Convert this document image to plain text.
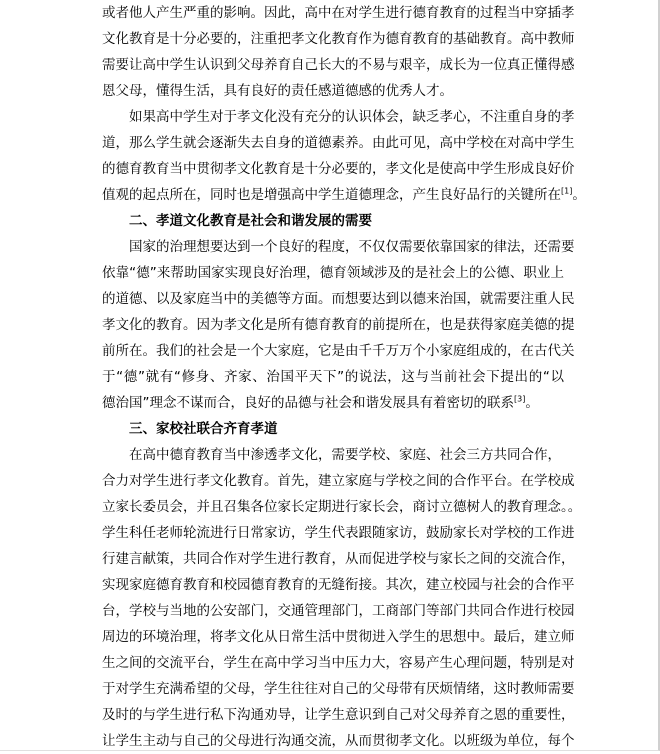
或者他人产生严重的影响。因此，高中在对学生进行德育教育的过程当中穿插孝
文化教育是十分必要的，注重把孝文化教育作为德育教育的基础教育。高中教师
需要让高中学生认识到父母养育自己长大的不易与艰辛，成长为一位真正懂得感
恩父母，懂得生活，具有良好的责任感道德感的优秀人才。
如果高中学生对于孝文化没有充分的认识体会，缺乏孝心，不注重自身的孝
道，那么学生就会逐渐失去自身的道德素养。由此可见，高中学校在对高中学生
的德育教育当中贯彻孝文化教育是十分必要的，孝文化是使高中学生形成良好价
值观的起点所在，同时也是增强高中学生道德理念，产生良好品行的关键所在[1]。
二、孝道文化教育是社会和谐发展的需要
国家的治理想要达到一个良好的程度，不仅仅需要依靠国家的律法，还需要
依靠“德”来帮助国家实现良好治理，德育领域涉及的是社会上的公德、职业上
的道德、以及家庭当中的美德等方面。而想要达到以德来治国，就需要注重人民
孝文化的教育。因为孝文化是所有德育教育的前提所在，也是获得家庭美德的提
前所在。我们的社会是一个大家庭，它是由千千万万个小家庭组成的，在古代关
于“德”就有“修身、齐家、治国平天下”的说法，这与当前社会下提出的“以
德治国”理念不谋而合，良好的品德与社会和谐发展具有着密切的联系[3]。
三、家校社联合齐育孝道
在高中德育教育当中渗透孝文化，需要学校、家庭、社会三方共同合作，
合力对学生进行孝文化教育。首先，建立家庭与学校之间的合作平台。在学校成
立家长委员会，并且召集各位家长定期进行家长会，商讨立德树人的教育理念。。
学生科任老师轮流进行日常家访，学生代表跟随家访，鼓励家长对学校的工作进
行建言献策，共同合作对学生进行教育，从而促进学校与家长之间的交流合作，
实现家庭德育教育和校园德育教育的无缝衔接。其次，建立校园与社会的合作平
台，学校与当地的公安部门，交通管理部门，工商部门等部门共同合作进行校园
周边的环境治理，将孝文化从日常生活中贯彻进入学生的思想中。最后，建立师
生之间的交流平台，学生在高中学习当中压力大，容易产生心理问题，特别是对
于对学生充满希望的父母，学生往往对自己的父母带有厌烦情绪，这时教师需要
及时的与学生进行私下沟通劝导，让学生意识到自己对父母养育之恩的重要性，
让学生主动与自己的父母进行沟通交流，从而贯彻孝文化。以班级为单位，每个
